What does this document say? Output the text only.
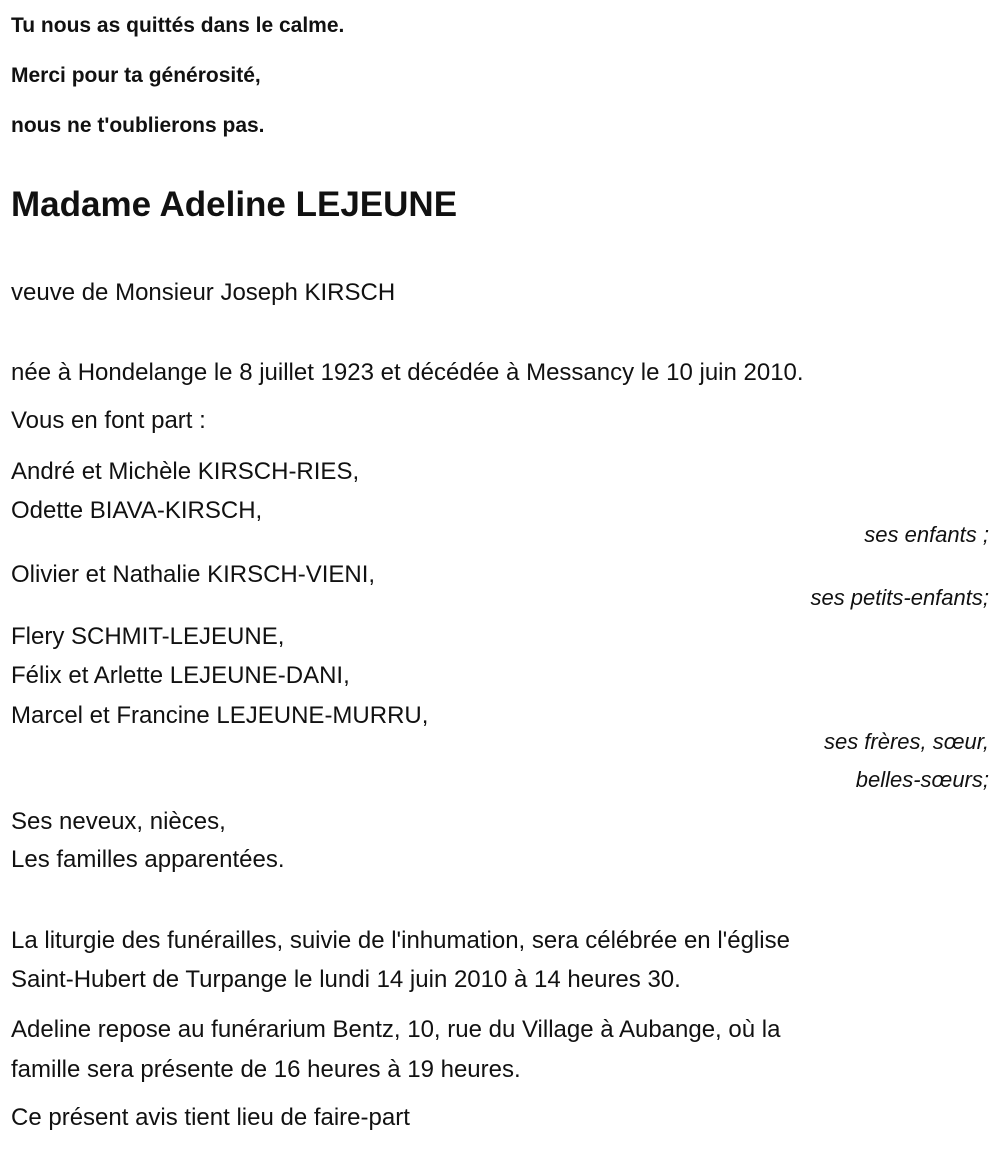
Tu nous as quittés dans le calme.
Merci pour ta générosité,
nous ne t'oublierons pas.
Madame Adeline LEJEUNE
veuve de Monsieur Joseph KIRSCH
née à Hondelange le 8 juillet 1923 et décédée à Messancy le 10 juin 2010.
Vous en font part :
André et Michèle KIRSCH-RIES,
Odette BIAVA-KIRSCH,
ses enfants ;
Olivier et Nathalie KIRSCH-VIENI,
ses petits-enfants;
Flery SCHMIT-LEJEUNE,
Félix et Arlette LEJEUNE-DANI,
Marcel et Francine LEJEUNE-MURRU,
ses frères, sœur,
belles-sœurs;
Ses neveux, nièces,
Les familles apparentées.
La liturgie des funérailles, suivie de l'inhumation, sera célébrée en l'église
Saint-Hubert de Turpange le lundi 14 juin 2010 à 14 heures 30.
Adeline repose au funérarium Bentz, 10, rue du Village à Aubange, où la
famille sera présente de 16 heures à 19 heures.
Ce présent avis tient lieu de faire-part
